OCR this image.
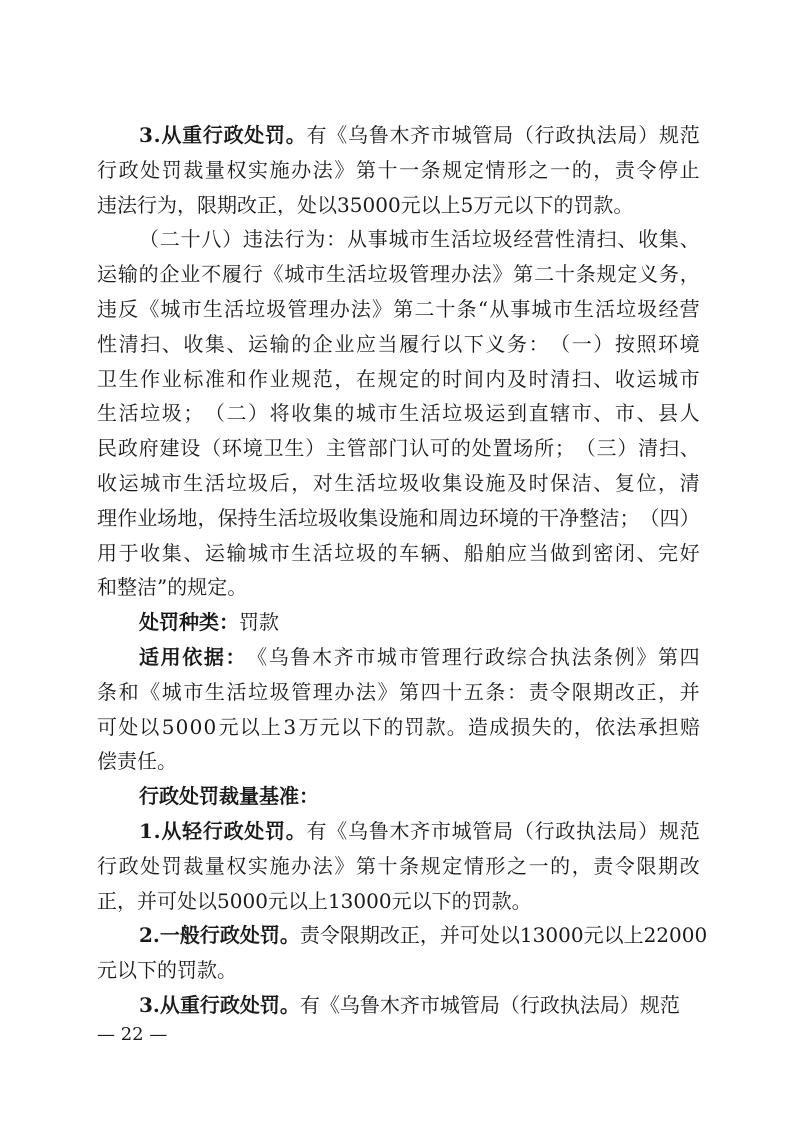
3 . 从 重 行 政 处 罚 。 有 《 乌 鲁 木 齐 市 城 管 局 （ 行 政 执 法 局 ） 规 范
行 政 处 罚 裁 量 权 实 施 办 法 》 第 十 一 条 规 定 情 形 之 一 的 ， 责 令 停 止
违 法 行 为 ， 限 期 改 正 ， 处 以 3 5 0 0 0 元 以 上 5 万 元 以 下 的 罚 款 。
（ 二 十 八 ） 违 法 行 为 ： 从 事 城 市 生 活 垃 圾 经 营 性 清 扫 、 收 集 、
运 输 的 企 业 不 履 行 《 城 市 生 活 垃 圾 管 理 办 法 》 第 二 十 条 规 定 义 务 ，
违 反 《 城 市 生 活 垃 圾 管 理 办 法 》 第 二 十 条 “ 从 事 城 市 生 活 垃 圾 经 营
性 清 扫 、 收 集 、 运 输 的 企 业 应 当 履 行 以 下 义 务 ： （ 一 ） 按 照 环 境
卫 生 作 业 标 准 和 作 业 规 范 ， 在 规 定 的 时 间 内 及 时 清 扫 、 收 运 城 市
生 活 垃 圾 ； （ 二 ） 将 收 集 的 城 市 生 活 垃 圾 运 到 直 辖 市 、 市 、 县 人
民 政 府 建 设 （ 环 境 卫 生 ） 主 管 部 门 认 可 的 处 置 场 所 ； （ 三 ） 清 扫 、
收 运 城 市 生 活 垃 圾 后 ， 对 生 活 垃 圾 收 集 设 施 及 时 保 洁 、 复 位 ， 清
理 作 业 场 地 ， 保 持 生 活 垃 圾 收 集 设 施 和 周 边 环 境 的 干 净 整 洁 ； （ 四 ）
用 于 收 集 、 运 输 城 市 生 活 垃 圾 的 车 辆 、 船 舶 应 当 做 到 密 闭 、 完 好
和 整 洁 ” 的 规 定 。
处 罚 种 类 ： 罚 款
适 用 依 据 ： 《 乌 鲁 木 齐 市 城 市 管 理 行 政 综 合 执 法 条 例 》 第 四
条 和 《 城 市 生 活 垃 圾 管 理 办 法 》 第 四 十 五 条 ： 责 令 限 期 改 正 ， 并
可 处 以 5 0 0 0 元 以 上 3 万 元 以 下 的 罚 款 。 造 成 损 失 的 ， 依 法 承 担 赔
偿 责 任 。
行 政 处 罚 裁 量 基 准 ：
1 . 从 轻 行 政 处 罚 。 有 《 乌 鲁 木 齐 市 城 管 局 （ 行 政 执 法 局 ） 规 范
行 政 处 罚 裁 量 权 实 施 办 法 》 第 十 条 规 定 情 形 之 一 的 ， 责 令 限 期 改
正 ， 并 可 处 以 5 0 0 0 元 以 上 1 3 0 0 0 元 以 下 的 罚 款 。
2 . 一 般 行 政 处 罚 。 责 令 限 期 改 正 ， 并 可 处 以 1 3 0 0 0 元 以 上 2 2 0 0 0
元 以 下 的 罚 款 。
3 . 从 重 行 政 处 罚 。 有 《 乌 鲁 木 齐 市 城 管 局 （ 行 政 执 法 局 ） 规 范
— 22 —
